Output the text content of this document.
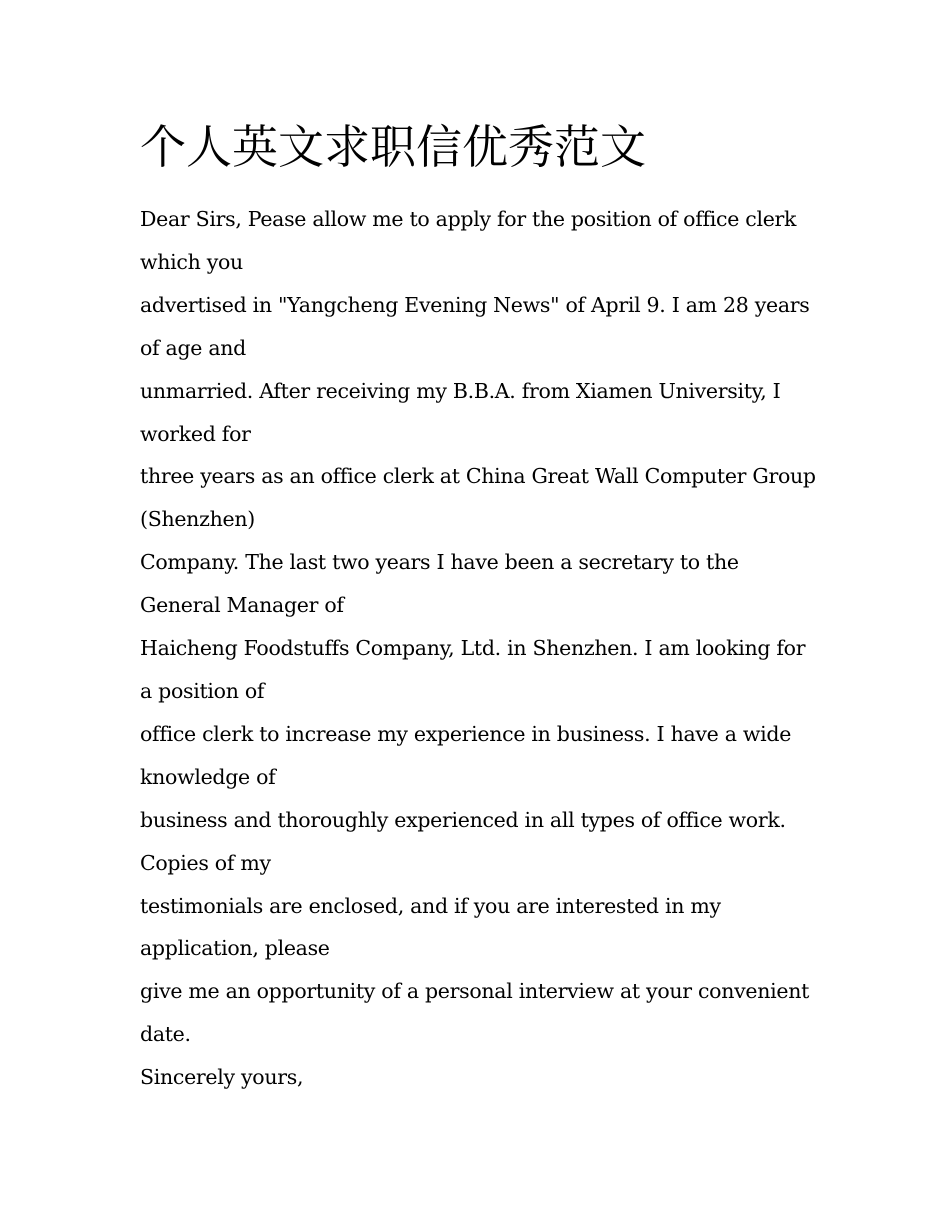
个人英文求职信优秀范文
Dear Sirs, Pease allow me to apply for the position of office clerk
which you
advertised in "Yangcheng Evening News" of April 9. I am 28 years
of age and
unmarried. After receiving my B.B.A. from Xiamen University, I
worked for
three years as an office clerk at China Great Wall Computer Group
(Shenzhen)
Company. The last two years I have been a secretary to the
General Manager of
Haicheng Foodstuffs Company, Ltd. in Shenzhen. I am looking for
a position of
office clerk to increase my experience in business. I have a wide
knowledge of
business and thoroughly experienced in all types of office work.
Copies of my
testimonials are enclosed, and if you are interested in my
application, please
give me an opportunity of a personal interview at your convenient
date.
Sincerely yours,
